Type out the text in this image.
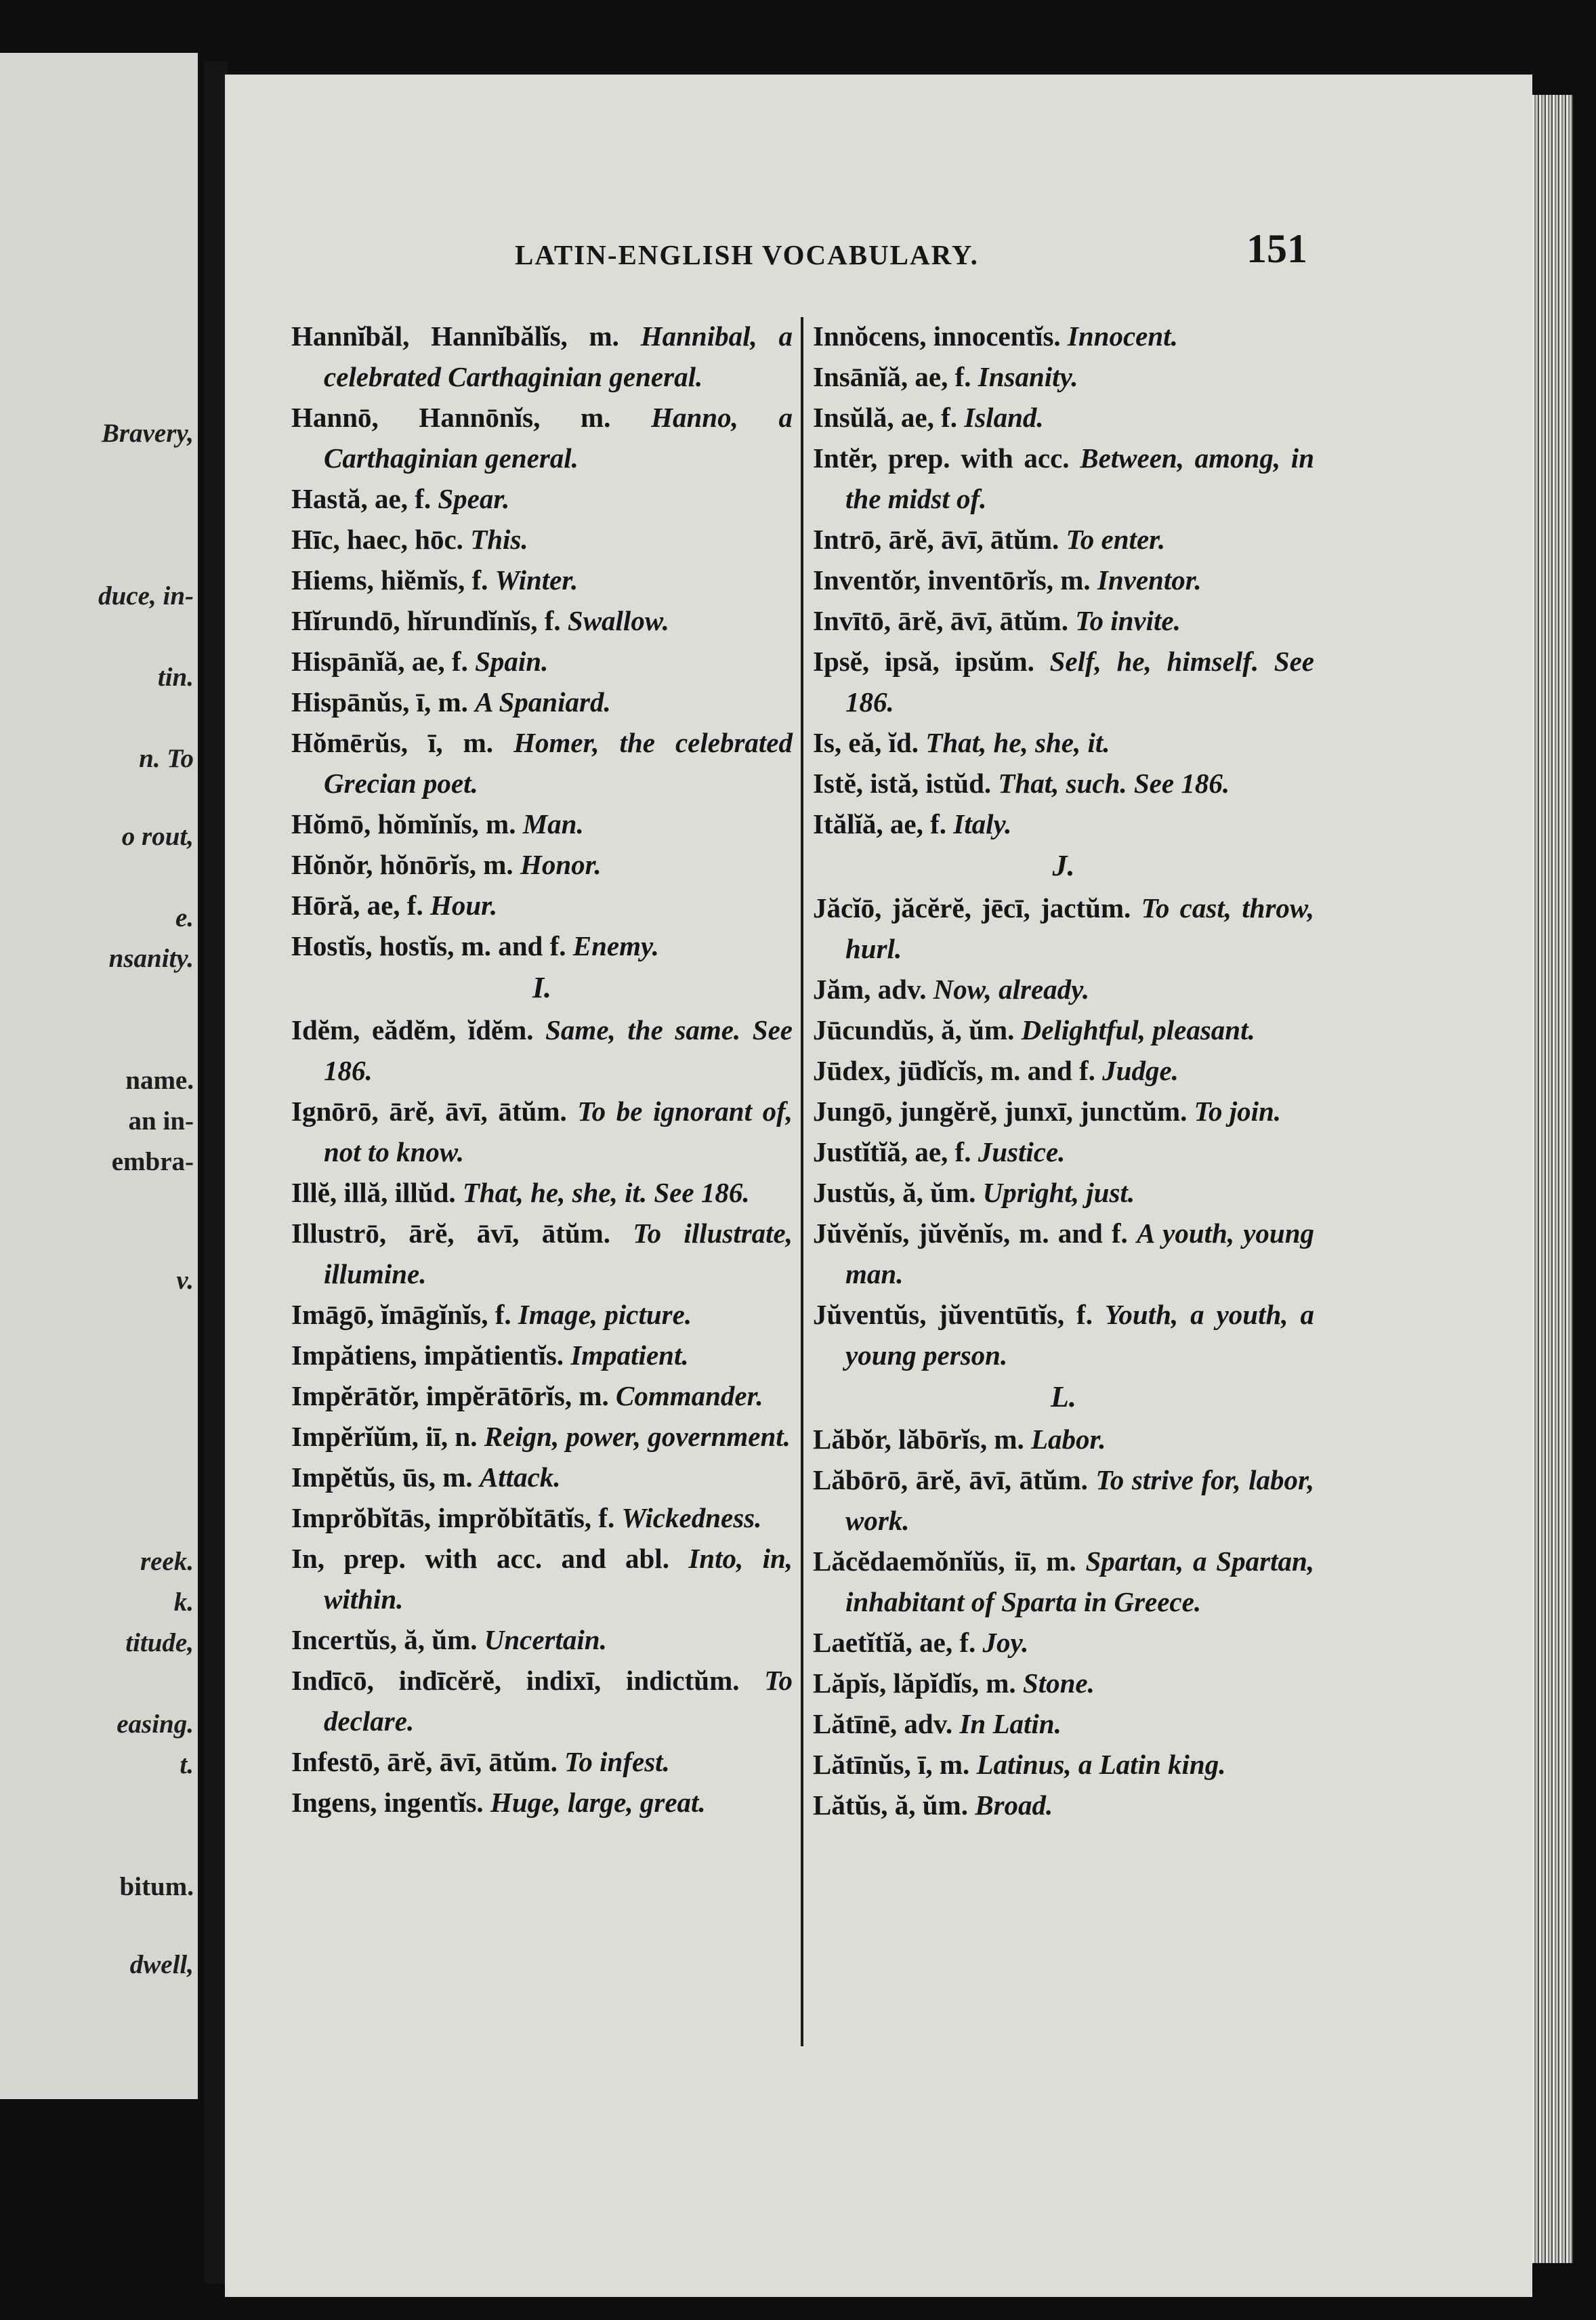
Bravery,
duce, in-
tin.
n. To
o rout,
e.
nsanity.
name.
an in-
embra-
v.
reek.
k.
titude,
easing.
t.
bitum.
dwell,
LATIN-ENGLISH VOCABULARY.	151
Hannĭbăl, Hannĭbălĭs, m. Hannibal, a celebrated Carthaginian general.
Hannō, Hannōnĭs, m. Hanno, a Carthaginian general.
Hastă, ae, f. Spear.
Hīc, haec, hōc. This.
Hiems, hiĕmĭs, f. Winter.
Hĭrundō, hĭrundĭnĭs, f. Swallow.
Hispānĭă, ae, f. Spain.
Hispānŭs, ī, m. A Spaniard.
Hŏmērŭs, ī, m. Homer, the celebrated Grecian poet.
Hŏmō, hŏmĭnĭs, m. Man.
Hŏnŏr, hŏnōrĭs, m. Honor.
Hōră, ae, f. Hour.
Hostĭs, hostĭs, m. and f. Enemy.
I.
Idĕm, eădĕm, ĭdĕm. Same, the same. See 186.
Ignōrō, ārĕ, āvī, ātŭm. To be ignorant of, not to know.
Illĕ, illă, illŭd. That, he, she, it. See 186.
Illustrō, ārĕ, āvī, ātŭm. To illustrate, illumine.
Imāgō, ĭmāgĭnĭs, f. Image, picture.
Impătiens, impătientĭs. Impatient.
Impĕrātŏr, impĕrātōrĭs, m. Commander.
Impĕrĭŭm, iī, n. Reign, power, government.
Impĕtŭs, ūs, m. Attack.
Imprŏbĭtās, imprŏbĭtātĭs, f. Wickedness.
In, prep. with acc. and abl. Into, in, within.
Incertŭs, ă, ŭm. Uncertain.
Indīcō, indīcĕrĕ, indixī, indictŭm. To declare.
Infestō, ārĕ, āvī, ātŭm. To infest.
Ingens, ingentĭs. Huge, large, great.
Innŏcens, innocentĭs. Innocent.
Insānĭă, ae, f. Insanity.
Insŭlă, ae, f. Island.
Intĕr, prep. with acc. Between, among, in the midst of.
Intrō, ārĕ, āvī, ātŭm. To enter.
Inventŏr, inventōrĭs, m. Inventor.
Invītō, ārĕ, āvī, ātŭm. To invite.
Ipsĕ, ipsă, ipsŭm. Self, he, himself. See 186.
Is, eă, ĭd. That, he, she, it.
Istĕ, istă, istŭd. That, such. See 186.
Itălĭă, ae, f. Italy.
J.
Jăcĭō, jăcĕrĕ, jēcī, jactŭm. To cast, throw, hurl.
Jăm, adv. Now, already.
Jūcundŭs, ă, ŭm. Delightful, pleasant.
Jūdex, jūdĭcĭs, m. and f. Judge.
Jungō, jungĕrĕ, junxī, junctŭm. To join.
Justĭtĭă, ae, f. Justice.
Justŭs, ă, ŭm. Upright, just.
Jŭvĕnĭs, jŭvĕnĭs, m. and f. A youth, young man.
Jŭventŭs, jŭventūtĭs, f. Youth, a youth, a young person.
L.
Lăbŏr, lăbōrĭs, m. Labor.
Lăbōrō, ārĕ, āvī, ātŭm. To strive for, labor, work.
Lăcĕdaemŏnĭŭs, iī, m. Spartan, a Spartan, inhabitant of Sparta in Greece.
Laetĭtĭă, ae, f. Joy.
Lăpĭs, lăpĭdĭs, m. Stone.
Lătīnē, adv. In Latin.
Lătīnŭs, ī, m. Latinus, a Latin king.
Lătŭs, ă, ŭm. Broad.
